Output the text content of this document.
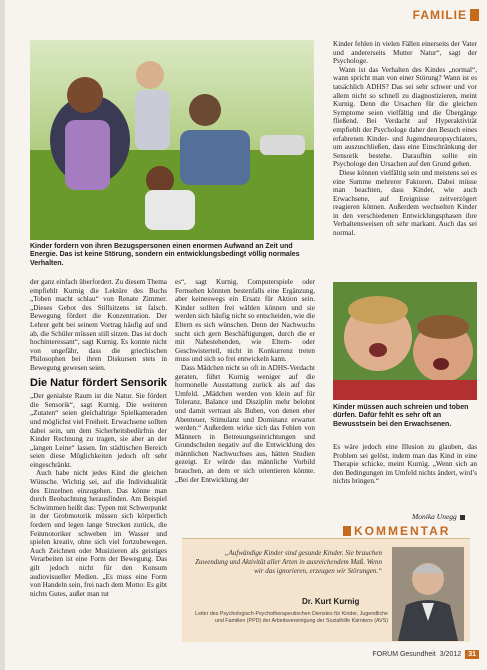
FAMILIE
Kinder fordern von ihren Bezugspersonen einen enormen Aufwand an Zeit und Energie. Das ist keine Störung, sondern ein entwicklungsbedingt völlig normales Verhalten.

der ganz einfach überfordert. Zu diesem Thema empfiehlt Kurnig die Lektüre des Buchs „Toben macht schlau“ von Renate Zimmer. „Dieses Gebot des Stillsitzens ist falsch. Bewegung fördert die Konzentration. Der Lehrer geht bei seinem Vortrag häufig auf und ab, die Schüler müssen still sitzen. Das ist doch hochinteressant“, sagt Kurnig. Es konnte nicht von ungefähr, dass die griechischen Philosophen bei ihren Diskursen stets in Bewegung gewesen seien.

Die Natur fördert Sensorik

„Der genialste Raum ist die Natur. Sie fördert die Sensorik“, sagt Kurnig. Die weiteren „Zutaten“ seien gleichaltrige Spielkameraden und möglichst viel Freiheit. Erwachsene sollten dabei sein, um dem Sicherheitsbedürfnis der Kinder Rechnung zu tragen, sie aber an der „langen Leine“ lassen. Im städtischen Bereich seien diese Möglichkeiten jedoch oft sehr eingeschränkt.

Auch habe nicht jedes Kind die gleichen Wünsche. Wichtig sei, auf die Individualität des Einzelnen einzugehen. Das könne man durch Beobachtung herausfinden. Am Beispiel Schwimmen heißt das: Typen mit Schwerpunkt in der Grobmotorik müssen sich körperlich fordern und legen lange Strecken zurück, die Feinmotoriker schweben im Wasser und spielen kreativ, ohne sich viel fortzubewegen. Auch Zeichnen oder Musizieren als geistiges Verarbeiten ist eine Form der Bewegung. Das gilt jedoch nicht für den Konsum audiovisueller Medien. „Es muss eine Form von Handeln sein, frei nach dem Motto: Es gibt nichts Gutes, außer man tut

es“, sagt Kurnig. Computerspiele oder Fernsehen könnten bestenfalls eine Ergänzung, aber keineswegs ein Ersatz für Aktion sein. Kinder sollten frei wählen können und sie werden sich häufig nicht so entscheiden, wie die Eltern es sich wünschen. Denn der Nachwuchs sucht sich gern Beschäftigungen, durch die er mit Nahestehenden, wie Eltern- oder Geschwisterteil, nicht in Konkurrenz treten muss und sich so frei entwickeln kann.

Dass Mädchen nicht so oft in ADHS-Verdacht geraten, führt Kurnig weniger auf die hormonelle Ausstattung zurück als auf das Umfeld. „Mädchen werden von klein auf für Toleranz, Balance und Disziplin mehr belohnt und damit vertraut als Buben, von denen eher Abenteuer, Stimulanz und Dominanz erwartet werden.“ Außerdem wirke sich das Fehlen von Männern in Betreuungseinrichtungen und Grundschulen negativ auf die Entwicklung des männlichen Nachwuchses aus, hätten Studien gezeigt. Er würde das männliche Vorbild brauchen, an dem er sich orientieren könnte. „Bei der Entwicklung der

Kinder fehlen in vielen Fällen einerseits der Vater und andererseits Mutter Natur“, sagt der Psychologe.

Wann ist das Verhalten des Kindes „normal“, wann spricht man von einer Störung? Wann ist es tatsächlich ADHS? Das sei sehr schwer und vor allem nicht so schnell zu diagnostizieren, meint Kurnig. Denn die Ursachen für die gleichen Symptome seien vielfältig und die Übergänge fließend. Bei Verdacht auf Hyperaktivität empfiehlt der Psychologe daher den Besuch eines erfahrenen Kinder- und Jugendneuropsychiaters, um auszuschließen, dass eine Einschränkung der Sensorik bestehe. Daraufhin sollte ein Psychologe den Ursachen auf den Grund gehen.

Diese können vielfältig sein und meistens sei es eine Summe mehrerer Faktoren. Dabei müsse man beachten, dass Kinder, wie auch Erwachsene, auf Ereignisse zeitverzögert reagieren können. Außerdem wechselten Kinder in den verschiedenen Entwicklungsphasen ihre Verhaltensweisen oft sehr markant. Auch das sei normal.

Kinder müssen auch schreien und toben dürfen. Dafür fehlt es sehr oft an Bewusstsein bei den Erwachsenen.

Es wäre jedoch eine Illusion zu glauben, das Problem sei gelöst, indem man das Kind in eine Therapie schicke, meint Kurnig. „Wenn sich an den Bedingungen im Umfeld nichts ändert, wird’s nichts bringen.“

Monika Unegg
KOMMENTAR
„Aufwändige Kinder sind gesunde Kinder. Sie brauchen Zuwendung und Aktivität aller Arten in ausreichendem Maß. Wenn wir das ignorieren, erzeugen wir Störungen.“
Dr. Kurt Kurnig
Leiter des Psychologisch-Psychotherapeutischen Dienstes für Kinder, Jugendliche und Familien (PPD) der Arbeitsvereinigung der Sozialhilfe Kärntens (AVS)
FORUM Gesundheit 3/2012	31
